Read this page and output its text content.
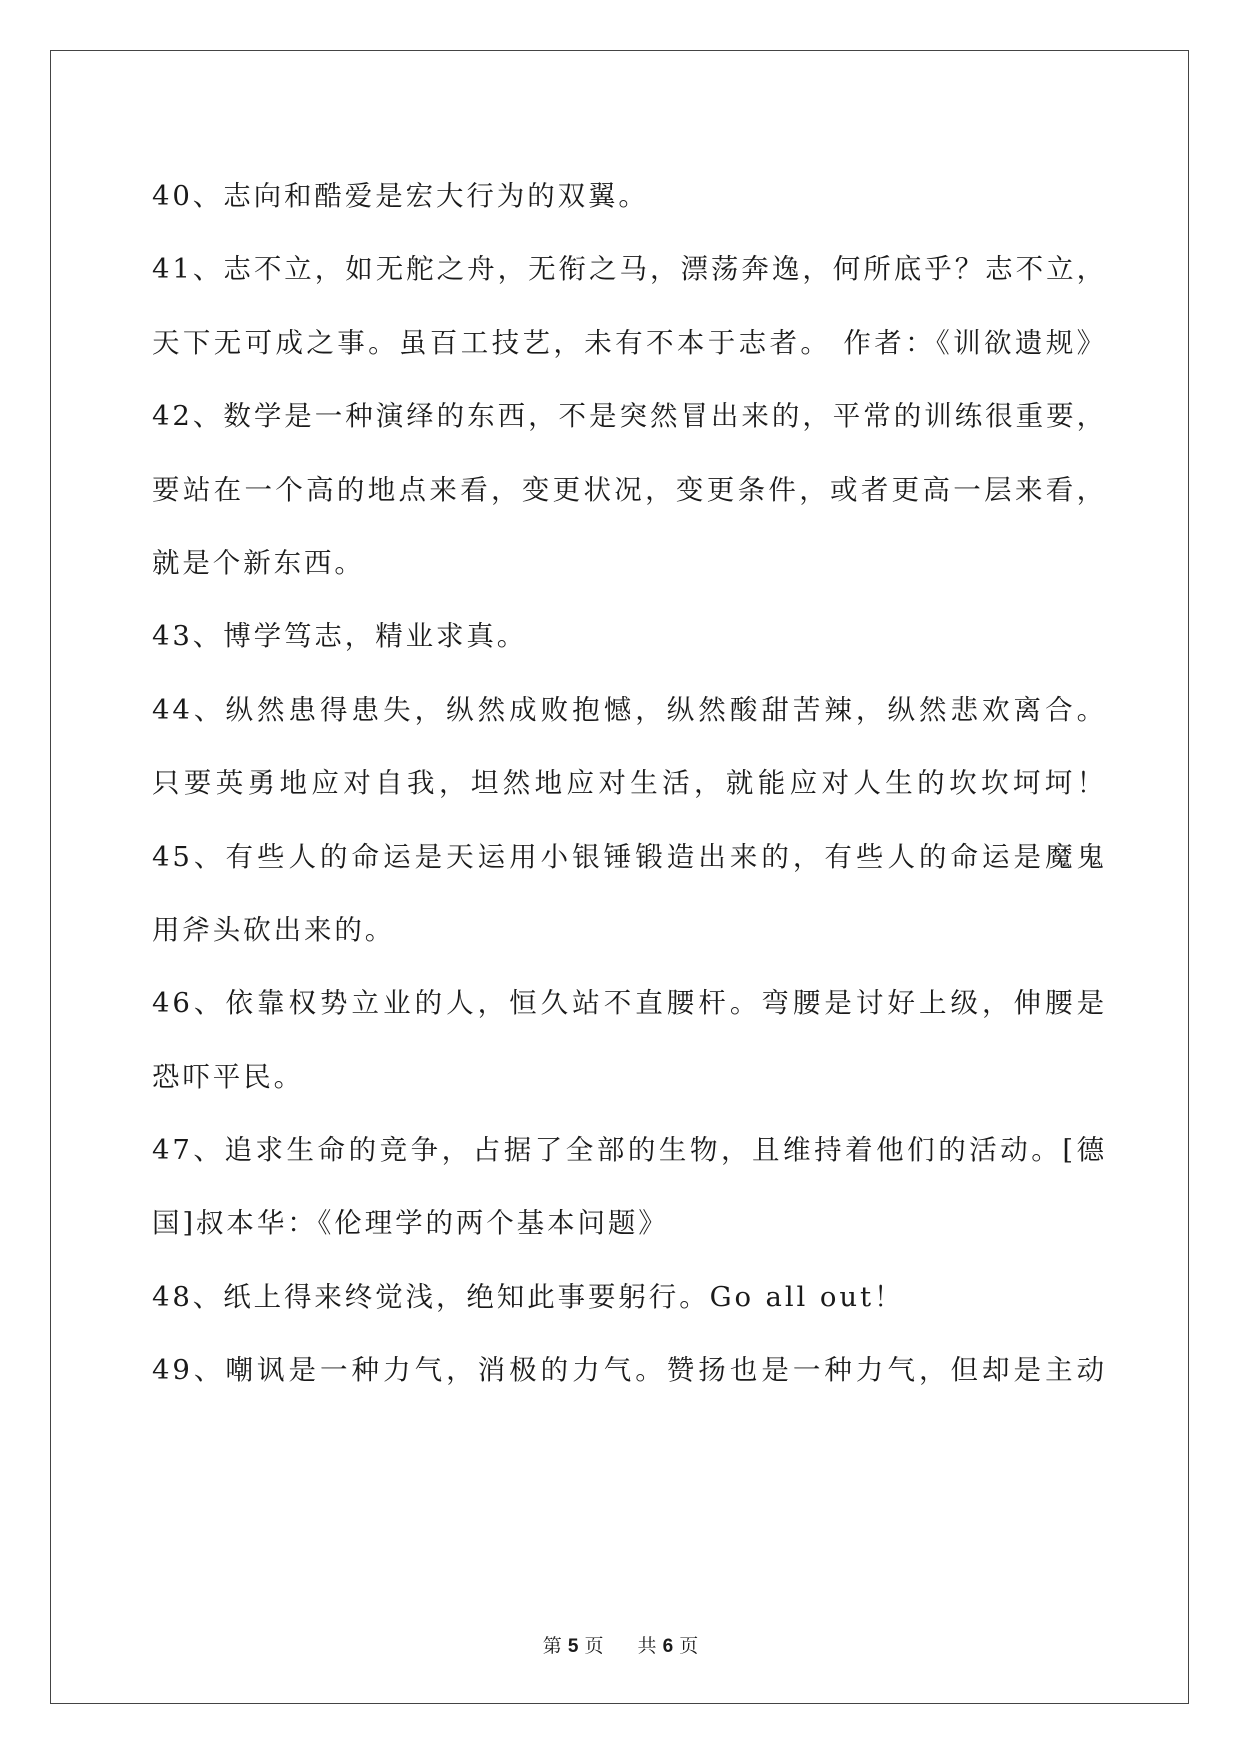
40、志向和酷爱是宏大行为的双翼。
41、志不立，如无舵之舟，无衔之马，漂荡奔逸，何所底乎？志不立，
天下无可成之事。虽百工技艺，未有不本于志者。 作者：《训欲遗规》
42、数学是一种演绎的东西，不是突然冒出来的，平常的训练很重要，
要站在一个高的地点来看，变更状况，变更条件，或者更高一层来看，
就是个新东西。
43、博学笃志，精业求真。
44、纵然患得患失，纵然成败抱憾，纵然酸甜苦辣，纵然悲欢离合。
只要英勇地应对自我，坦然地应对生活，就能应对人生的坎坎坷坷！
45、有些人的命运是天运用小银锤锻造出来的，有些人的命运是魔鬼
用斧头砍出来的。
46、依靠权势立业的人，恒久站不直腰杆。弯腰是讨好上级，伸腰是
恐吓平民。
47、追求生命的竞争，占据了全部的生物，且维持着他们的活动。[德
国]叔本华：《伦理学的两个基本问题》
48、纸上得来终觉浅，绝知此事要躬行。Go all out！
49、嘲讽是一种力气，消极的力气。赞扬也是一种力气，但却是主动
第 5 页 共 6 页
